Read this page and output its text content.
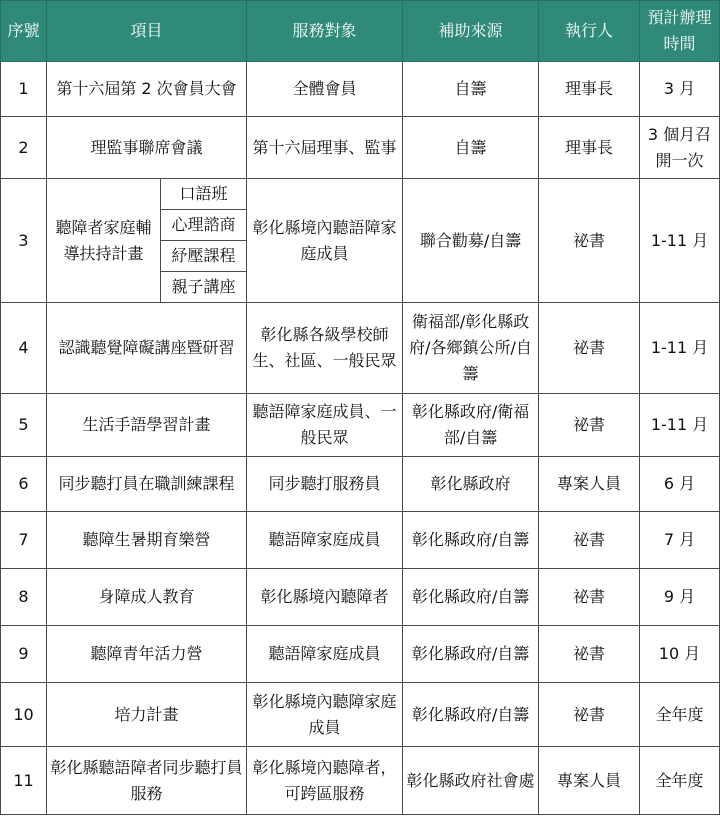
序號	項目		服務對象	補助來源	執行人	預計辦理時間
1	第十六屆第 2 次會員大會		全體會員	自籌	理事長	3 月
2	理監事聯席會議		第十六屆理事、監事	自籌	理事長	3 個月召開一次
3	聽障者家庭輔導扶持計畫	口語班	彰化縣境內聽語障家庭成員	聯合勸募/自籌	祕書	1-11 月
		心理諮商				
		紓壓課程				
		親子講座				
4	認識聽覺障礙講座暨研習		彰化縣各級學校師生、社區、一般民眾	衛福部/彰化縣政府/各鄉鎮公所/自籌	祕書	1-11 月
5	生活手語學習計畫		聽語障家庭成員、一般民眾	彰化縣政府/衛福部/自籌	祕書	1-11 月
6	同步聽打員在職訓練課程		同步聽打服務員	彰化縣政府	專案人員	6 月
7	聽障生暑期育樂營		聽語障家庭成員	彰化縣政府/自籌	祕書	7 月
8	身障成人教育		彰化縣境內聽障者	彰化縣政府/自籌	祕書	9 月
9	聽障青年活力營		聽語障家庭成員	彰化縣政府/自籌	祕書	10 月
10	培力計畫		彰化縣境內聽障家庭成員	彰化縣政府/自籌	祕書	全年度
11	彰化縣聽語障者同步聽打員服務		彰化縣境內聽障者，可跨區服務	彰化縣政府社會處	專案人員	全年度
